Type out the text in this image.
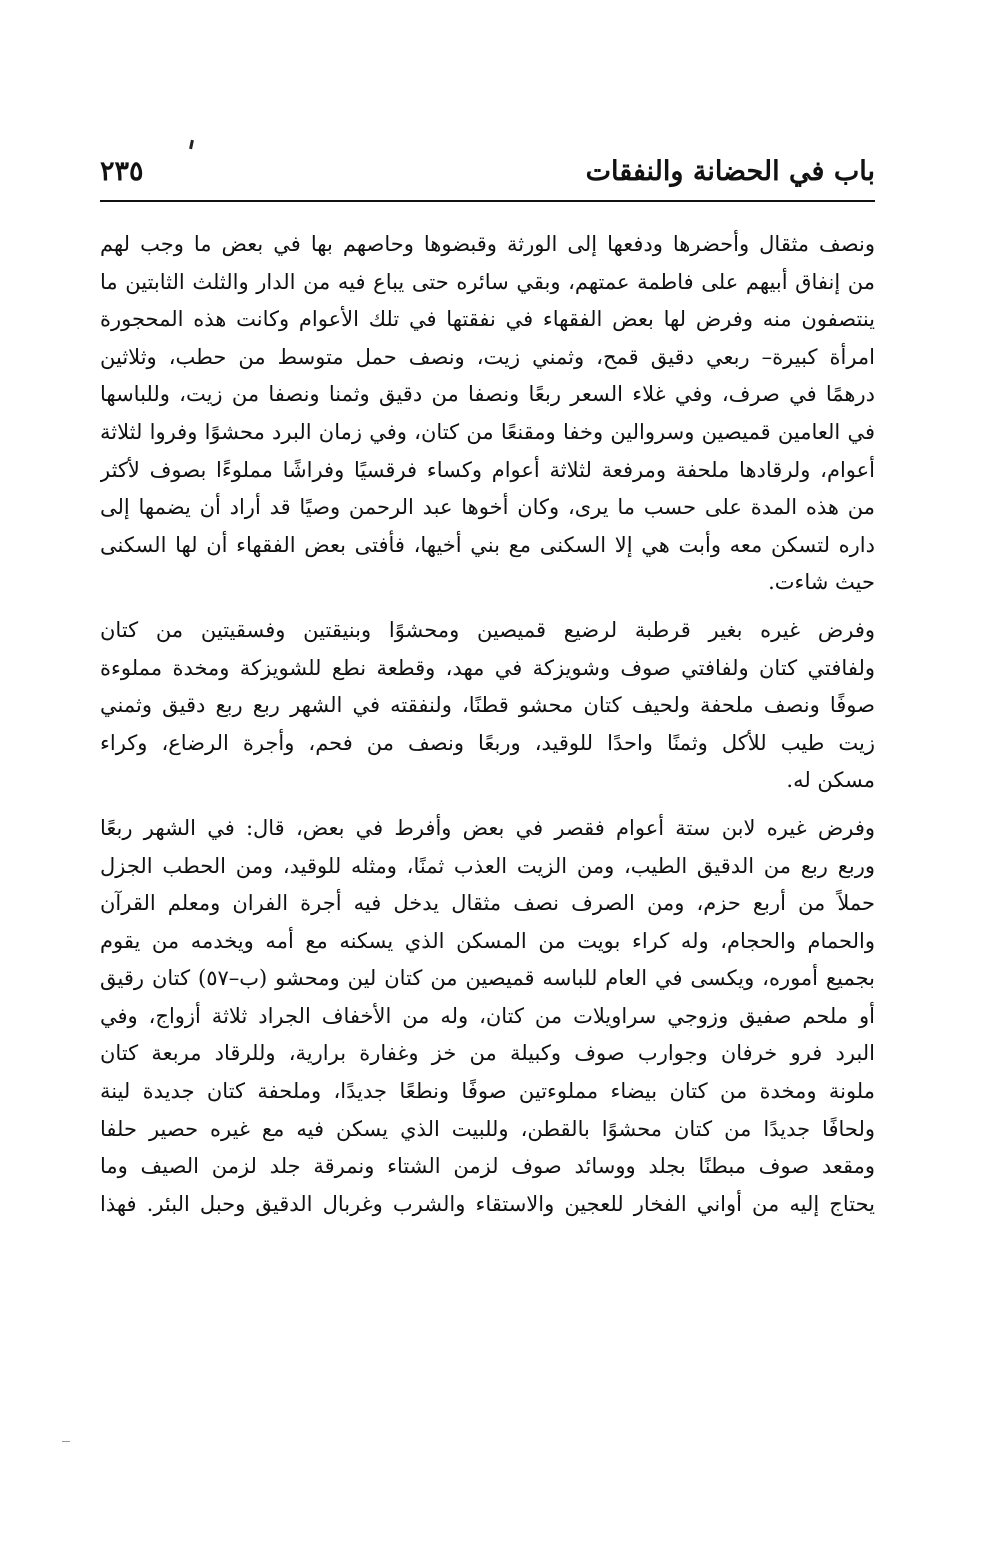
باب في الحضانة والنفقات
٢٣٥
ونصف مثقال وأحضرها ودفعها إلى الورثة وقبضوها وحاصهم بها في بعض ما وجب لهم
من إنفاق أبيهم على فاطمة عمتهم، وبقي سائره حتى يباع فيه من الدار والثلث الثابتين ما
ينتصفون منه وفرض لها بعض الفقهاء في نفقتها في تلك الأعوام وكانت هذه المحجورة
امرأة كبيرة– ربعي دقيق قمح، وثمني زيت، ونصف حمل متوسط من حطب، وثلاثين
درهمًا في صرف، وفي غلاء السعر ربعًا ونصفا من دقيق وثمنا ونصفا من زيت، وللباسها
في العامين قميصين وسروالين وخفا ومقنعًا من كتان، وفي زمان البرد محشوًا وفروا لثلاثة
أعوام، ولرقادها ملحفة ومرفعة لثلاثة أعوام وكساء فرقسيًا وفراشًا مملوءًا بصوف لأكثر
من هذه المدة على حسب ما يرى، وكان أخوها عبد الرحمن وصيًا قد أراد أن يضمها إلى
داره لتسكن معه وأبت هي إلا السكنى مع بني أخيها، فأفتى بعض الفقهاء أن لها السكنى
حيث شاءت.
وفرض غيره بغير قرطبة لرضيع قميصين ومحشوًا وبنيقتين وفسقيتين من كتان
ولفافتي كتان ولفافتي صوف وشويزكة في مهد، وقطعة نطع للشويزكة ومخدة مملوءة
صوفًا ونصف ملحفة ولحيف كتان محشو قطنًا، ولنفقته في الشهر ربع ربع دقيق وثمني
زيت طيب للأكل وثمنًا واحدًا للوقيد، وربعًا ونصف من فحم، وأجرة الرضاع، وكراء
مسكن له.
وفرض غيره لابن ستة أعوام فقصر في بعض وأفرط في بعض، قال: في الشهر ربعًا
وربع ربع من الدقيق الطيب، ومن الزيت العذب ثمنًا، ومثله للوقيد، ومن الحطب الجزل
حملاً من أربع حزم، ومن الصرف نصف مثقال يدخل فيه أجرة الفران ومعلم القرآن
والحمام والحجام، وله كراء بويت من المسكن الذي يسكنه مع أمه ويخدمه من يقوم
بجميع أموره، ويكسى في العام للباسه قميصين من كتان لين ومحشو (ب–٥٧) كتان رقيق
أو ملحم صفيق وزوجي سراويلات من كتان، وله من الأخفاف الجراد ثلاثة أزواج، وفي
البرد فرو خرفان وجوارب صوف وكبيلة من خز وغفارة برارية، وللرقاد مربعة كتان
ملونة ومخدة من كتان بيضاء مملوءتين صوفًا ونطعًا جديدًا، وملحفة كتان جديدة لينة
ولحافًا جديدًا من كتان محشوًا بالقطن، وللبيت الذي يسكن فيه مع غيره حصير حلفا
ومقعد صوف مبطنًا بجلد ووسائد صوف لزمن الشتاء ونمرقة جلد لزمن الصيف وما
يحتاج إليه من أواني الفخار للعجين والاستقاء والشرب وغربال الدقيق وحبل البئر. فهذا
